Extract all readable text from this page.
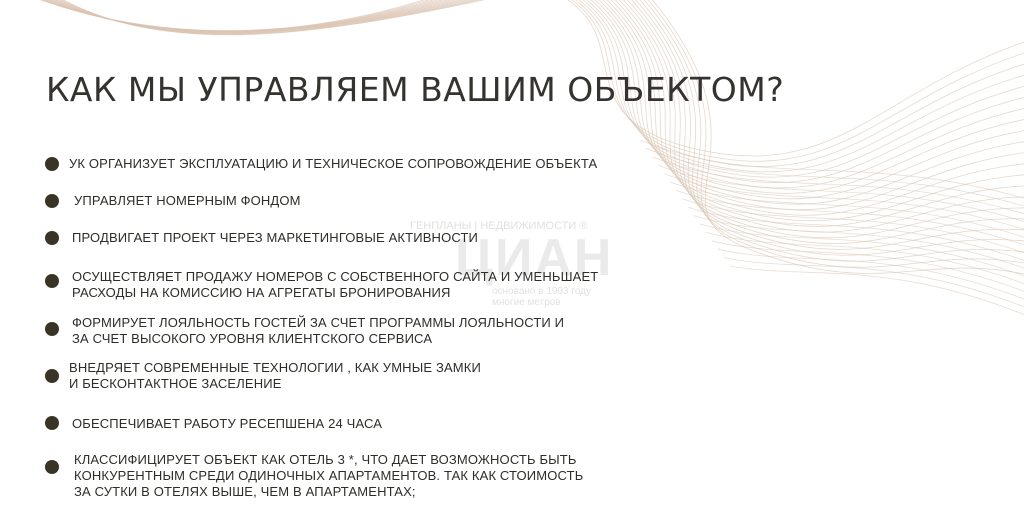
ГЕНПЛАНЫ | НЕДВИЖИМОСТИ ®
ЦИАН
основано в 1993 году
многие метров
КАК МЫ УПРАВЛЯЕМ ВАШИМ ОБЪЕКТОМ?
УК ОРГАНИЗУЕТ ЭКСПЛУАТАЦИЮ И ТЕХНИЧЕСКОЕ СОПРОВОЖДЕНИЕ ОБЪЕКТА
УПРАВЛЯЕТ НОМЕРНЫМ ФОНДОМ
ПРОДВИГАЕТ ПРОЕКТ ЧЕРЕЗ МАРКЕТИНГОВЫЕ АКТИВНОСТИ
ОСУЩЕСТВЛЯЕТ ПРОДАЖУ НОМЕРОВ С СОБСТВЕННОГО САЙТА И УМЕНЬШАЕТ
РАСХОДЫ НА КОМИССИЮ НА АГРЕГАТЫ БРОНИРОВАНИЯ
ФОРМИРУЕТ ЛОЯЛЬНОСТЬ ГОСТЕЙ ЗА СЧЕТ ПРОГРАММЫ ЛОЯЛЬНОСТИ И
ЗА СЧЕТ ВЫСОКОГО УРОВНЯ КЛИЕНТСКОГО СЕРВИСА
ВНЕДРЯЕТ СОВРЕМЕННЫЕ ТЕХНОЛОГИИ , КАК УМНЫЕ ЗАМКИ
И БЕСКОНТАКТНОЕ ЗАСЕЛЕНИЕ
ОБЕСПЕЧИВАЕТ РАБОТУ РЕСЕПШЕНА 24 ЧАСА
КЛАССИФИЦИРУЕТ ОБЪЕКТ КАК ОТЕЛЬ 3 *, ЧТО ДАЕТ ВОЗМОЖНОСТЬ БЫТЬ
КОНКУРЕНТНЫМ СРЕДИ ОДИНОЧНЫХ АПАРТАМЕНТОВ. ТАК КАК СТОИМОСТЬ
ЗА СУТКИ В ОТЕЛЯХ ВЫШЕ, ЧЕМ В АПАРТАМЕНТАХ;
